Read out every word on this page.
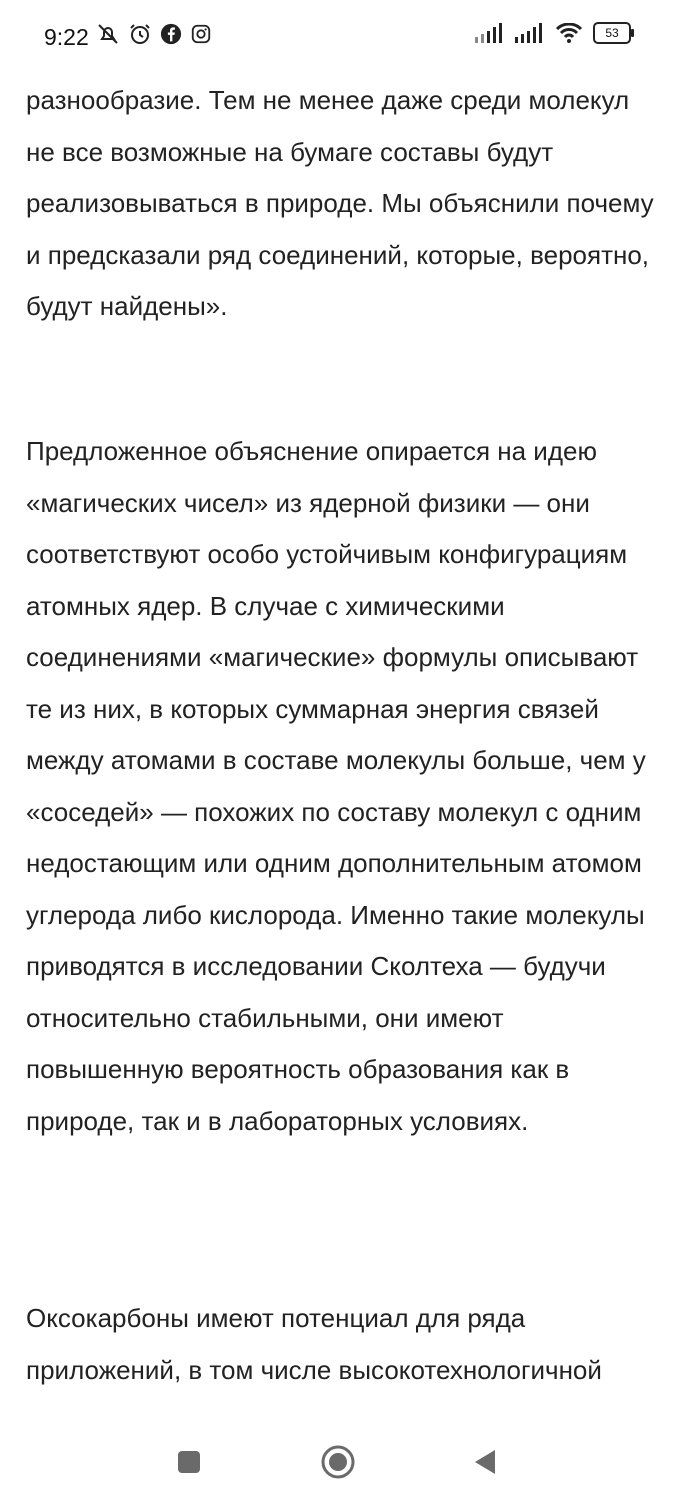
9:22	53

разнообразие. Тем не менее даже среди молекул не все возможные на бумаге составы будут реализовываться в природе. Мы объяснили почему и предсказали ряд соединений, которые, вероятно, будут найдены».

Предложенное объяснение опирается на идею «магических чисел» из ядерной физики — они соответствуют особо устойчивым конфигурациям атомных ядер. В случае с химическими соединениями «магические» формулы описывают те из них, в которых суммарная энергия связей между атомами в составе молекулы больше, чем у «соседей» — похожих по составу молекул с одним недостающим или одним дополнительным атомом углерода либо кислорода. Именно такие молекулы приводятся в исследовании Сколтеха — будучи относительно стабильными, они имеют повышенную вероятность образования как в природе, так и в лабораторных условиях.

Оксокарбоны имеют потенциал для ряда приложений, в том числе высокотехнологичной
